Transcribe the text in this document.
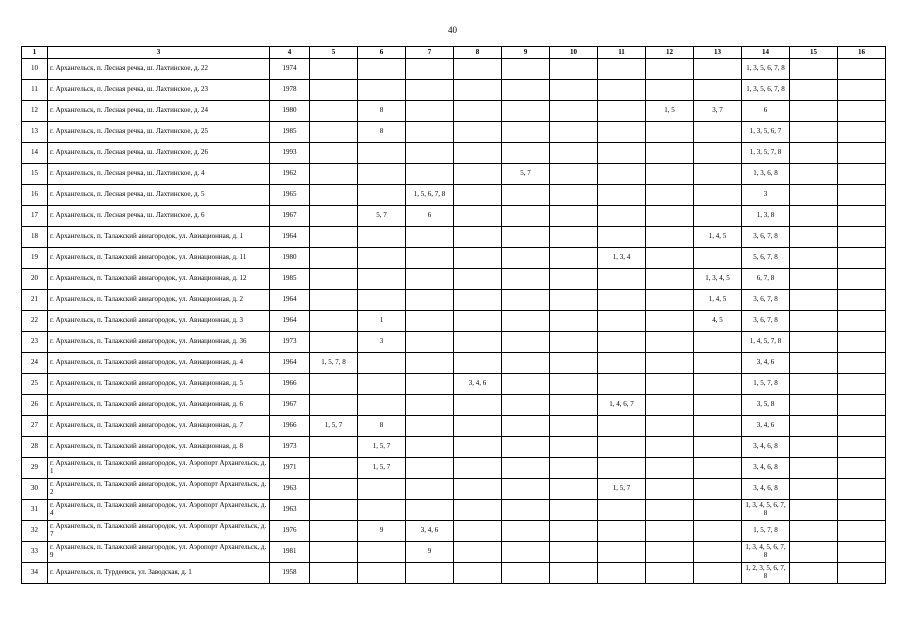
40
1	3	4	5	6	7	8	9	10	11	12	13	14	15	16
10	г. Архангельск, п. Лесная речка, ш. Лахтинское, д. 22	1974										1, 3, 5, 6, 7, 8		
11	г. Архангельск, п. Лесная речка, ш. Лахтинское, д. 23	1978										1, 3, 5, 6, 7, 8		
12	г. Архангельск, п. Лесная речка, ш. Лахтинское, д. 24	1980		8						1, 5	3, 7	6		
13	г. Архангельск, п. Лесная речка, ш. Лахтинское, д. 25	1985		8								1, 3, 5, 6, 7		
14	г. Архангельск, п. Лесная речка, ш. Лахтинское, д. 26	1993										1, 3, 5, 7, 8		
15	г. Архангельск, п. Лесная речка, ш. Лахтинское, д. 4	1962					5, 7					1, 3, 6, 8		
16	г. Архангельск, п. Лесная речка, ш. Лахтинское, д. 5	1965			1, 5, 6, 7, 8							3		
17	г. Архангельск, п. Лесная речка, ш. Лахтинское, д. 6	1967		5, 7	6							1, 3, 8		
18	г. Архангельск, п. Талажский авиагородок, ул. Авиационная, д. 1	1964									1, 4, 5	3, 6, 7, 8		
19	г. Архангельск, п. Талажский авиагородок, ул. Авиационная, д. 11	1980							1, 3, 4			5, 6, 7, 8		
20	г. Архангельск, п. Талажский авиагородок, ул. Авиационная, д. 12	1985									1, 3, 4, 5	6, 7, 8		
21	г. Архангельск, п. Талажский авиагородок, ул. Авиационная, д. 2	1964									1, 4, 5	3, 6, 7, 8		
22	г. Архангельск, п. Талажский авиагородок, ул. Авиационная, д. 3	1964		1							4, 5	3, 6, 7, 8		
23	г. Архангельск, п. Талажский авиагородок, ул. Авиационная, д. 36	1973		3								1, 4, 5, 7, 8		
24	г. Архангельск, п. Талажский авиагородок, ул. Авиационная, д. 4	1964	1, 5, 7, 8									3, 4, 6		
25	г. Архангельск, п. Талажский авиагородок, ул. Авиационная, д. 5	1966				3, 4, 6						1, 5, 7, 8		
26	г. Архангельск, п. Талажский авиагородок, ул. Авиационная, д. 6	1967							1, 4, 6, 7			3, 5, 8		
27	г. Архангельск, п. Талажский авиагородок, ул. Авиационная, д. 7	1966	1, 5, 7	8								3, 4, 6		
28	г. Архангельск, п. Талажский авиагородок, ул. Авиационная, д. 8	1973		1, 5, 7								3, 4, 6, 8		
29	г. Архангельск, п. Талажский авиагородок, ул. Аэропорт Архангельск, д. 1	1971		1, 5, 7								3, 4, 6, 8		
30	г. Архангельск, п. Талажский авиагородок, ул. Аэропорт Архангельск, д. 2	1963							1, 5, 7			3, 4, 6, 8		
31	г. Архангельск, п. Талажский авиагородок, ул. Аэропорт Архангельск, д. 4	1963										1, 3, 4, 5, 6, 7, 8		
32	г. Архангельск, п. Талажский авиагородок, ул. Аэропорт Архангельск, д. 7	1976		9	3, 4, 6							1, 5, 7, 8		
33	г. Архангельск, п. Талажский авиагородок, ул. Аэропорт Архангельск, д. 9	1981			9							1, 3, 4, 5, 6, 7, 8		
34	г. Архангельск, п. Турдеевск, ул. Заводская, д. 1	1958										1, 2, 3, 5, 6, 7, 8		
